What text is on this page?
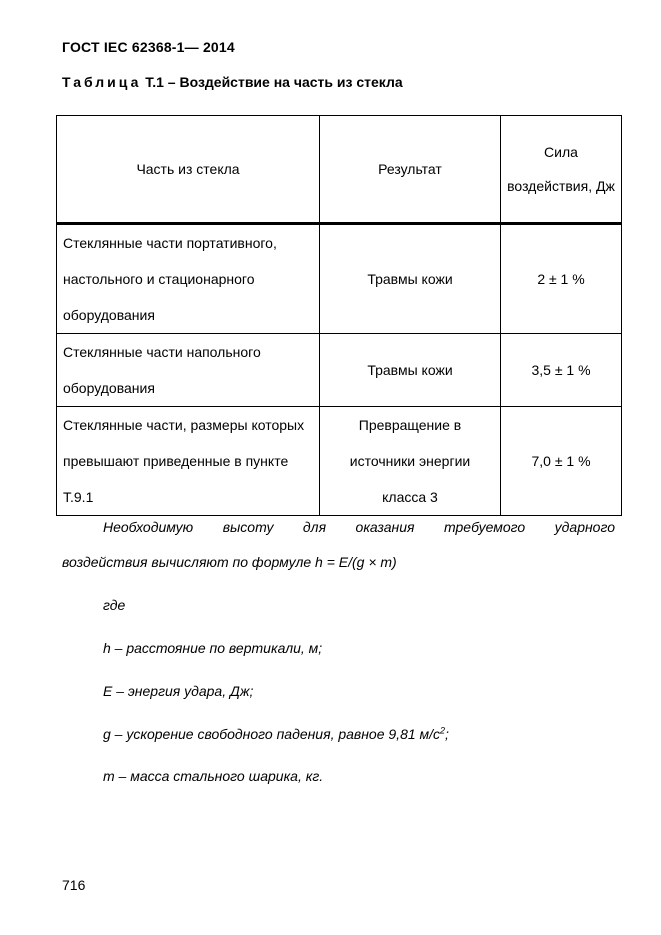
ГОСТ IEC 62368-1— 2014
Таблица Т.1 – Воздействие на часть из стекла
Часть из стекла	Результат	Сила воздействия, Дж
Стеклянные части портативного, настольного и стационарного оборудования	Травмы кожи	2 ± 1 %
Стеклянные части напольного оборудования	Травмы кожи	3,5 ± 1 %
Стеклянные части, размеры которых превышают приведенные в пункте Т.9.1	Превращение в источники энергии класса 3	7,0 ± 1 %
Необходимую высоту для оказания требуемого ударного
воздействия вычисляют по формуле h = E/(g × m)
где
h – расстояние по вертикали, м;
E – энергия удара, Дж;
g – ускорение свободного падения, равное 9,81 $м/с^2$;
m – масса стального шарика, кг.
716
